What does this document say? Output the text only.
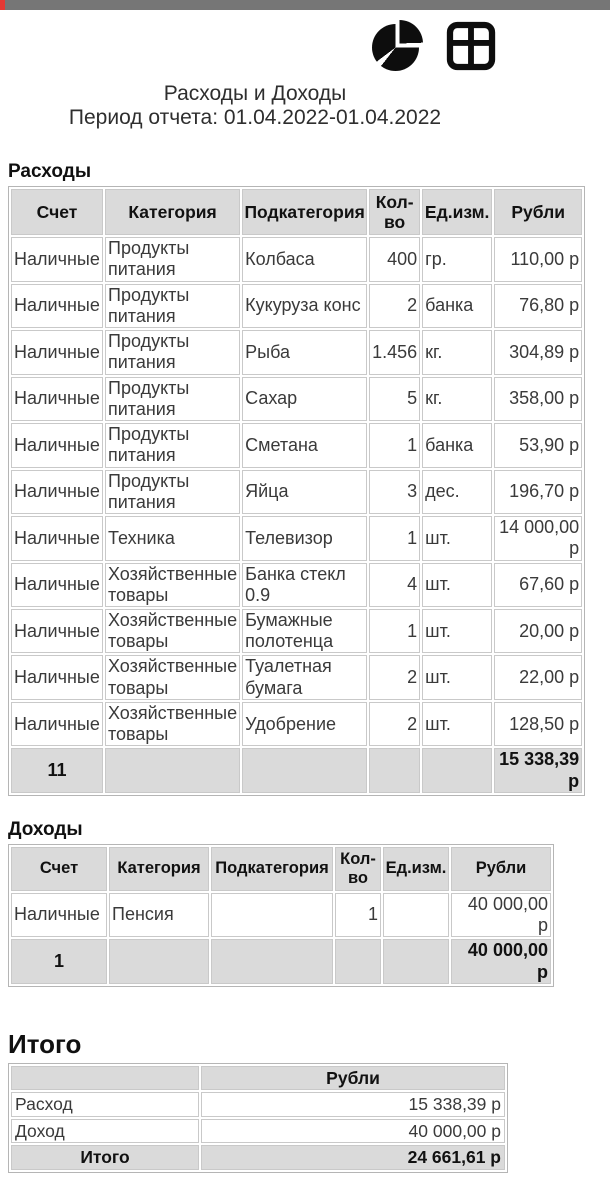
Расходы и Доходы
Период отчета: 01.04.2022-01.04.2022
Расходы
Счет	Категория	Подкатегория	Кол-во	Ед.изм.	Рубли
Наличные	Продукты питания	Колбаса	400	гр.	110,00 р
Наличные	Продукты питания	Кукуруза конс	2	банка	76,80 р
Наличные	Продукты питания	Рыба	1.456	кг.	304,89 р
Наличные	Продукты питания	Сахар	5	кг.	358,00 р
Наличные	Продукты питания	Сметана	1	банка	53,90 р
Наличные	Продукты питания	Яйца	3	дес.	196,70 р
Наличные	Техника	Телевизор	1	шт.	14 000,00 р
Наличные	Хозяйственные товары	Банка стекл 0.9	4	шт.	67,60 р
Наличные	Хозяйственные товары	Бумажные полотенца	1	шт.	20,00 р
Наличные	Хозяйственные товары	Туалетная бумага	2	шт.	22,00 р
Наличные	Хозяйственные товары	Удобрение	2	шт.	128,50 р
11					15 338,39 р
Доходы
Счет	Категория	Подкатегория	Кол-во	Ед.изм.	Рубли
Наличные	Пенсия		1		40 000,00 р
1					40 000,00 р
Итого
	Рубли
Расход	15 338,39 р
Доход	40 000,00 р
Итого	24 661,61 р
